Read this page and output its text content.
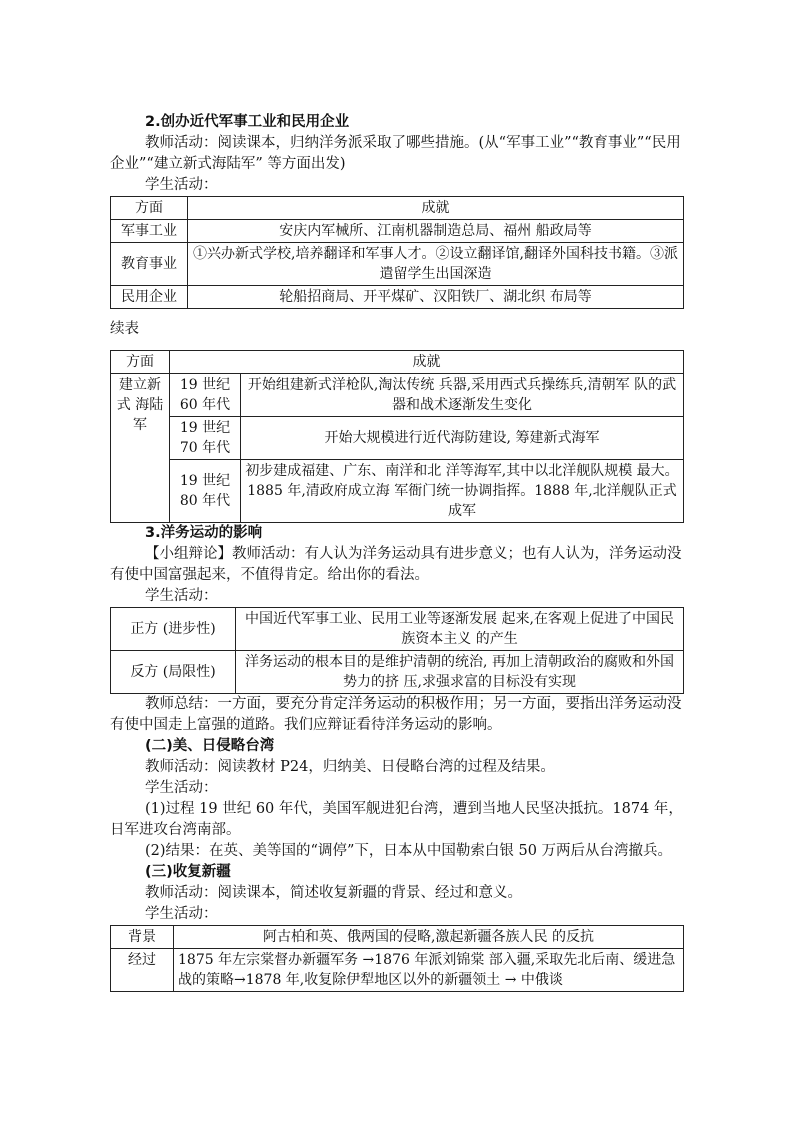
2.创办近代军事工业和民用企业

教师活动：阅读课本，归纳洋务派采取了哪些措施。(从“军事工业”“教育事业”“民用企业”“建立新式海陆军” 等方面出发)

学生活动：

方面	成就
军事工业	安庆内军械所、江南机器制造总局、福州 船政局等
教育事业	①兴办新式学校,培养翻译和军事人才。②设立翻译馆,翻译外国科技书籍。③派 遣留学生出国深造
民用企业	轮船招商局、开平煤矿、汉阳铁厂、湖北织 布局等

续表

方面	成就	
建立新式 海陆军	19 世纪 60 年代	开始组建新式洋枪队,淘汰传统 兵器,采用西式兵操练兵,清朝军 队的武器和战术逐渐发生变化
	19 世纪 70 年代	开始大规模进行近代海防建设, 筹建新式海军
	19 世纪 80 年代	初步建成福建、广东、南洋和北 洋等海军,其中以北洋舰队规模 最大。1885 年,清政府成立海 军衙门统一协调指挥。1888 年,北洋舰队正式成军

3.洋务运动的影响

【小组辩论】教师活动：有人认为洋务运动具有进步意义；也有人认为，洋务运动没有使中国富强起来，不值得肯定。给出你的看法。

学生活动：

正方 (进步性)	中国近代军事工业、民用工业等逐渐发展 起来,在客观上促进了中国民族资本主义 的产生
反方 (局限性)	洋务运动的根本目的是维护清朝的统治, 再加上清朝政治的腐败和外国势力的挤 压,求强求富的目标没有实现

教师总结：一方面，要充分肯定洋务运动的积极作用；另一方面，要指出洋务运动没有使中国走上富强的道路。我们应辩证看待洋务运动的影响。

(二)美、日侵略台湾

教师活动：阅读教材 P24，归纳美、日侵略台湾的过程及结果。

学生活动：

(1)过程 19 世纪 60 年代，美国军舰进犯台湾，遭到当地人民坚决抵抗。1874 年，日军进攻台湾南部。

(2)结果：在英、美等国的“调停”下，日本从中国勒索白银 50 万两后从台湾撤兵。

(三)收复新疆

教师活动：阅读课本，简述收复新疆的背景、经过和意义。

学生活动：

背景	阿古柏和英、俄两国的侵略,激起新疆各族人民 的反抗
经过	1875 年左宗棠督办新疆军务 →1876 年派刘锦棠 部入疆,采取先北后南、缓进急战的策略→1878 年,收复除伊犁地区以外的新疆领土 → 中俄谈
